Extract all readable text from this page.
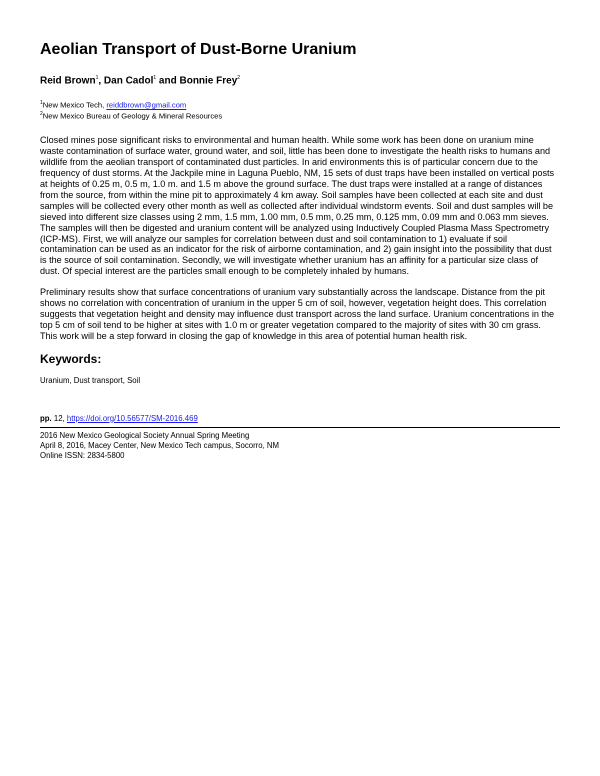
Aeolian Transport of Dust-Borne Uranium
Reid Brown$^1$, Dan Cadol$^1$ and Bonnie Frey$^2$
$^1$New Mexico Tech, reiddbrown@gmail.com
$^2$New Mexico Bureau of Geology & Mineral Resources

Closed mines pose significant risks to environmental and human health. While some work has been done on uranium mine waste contamination of surface water, ground water, and soil, little has been done to investigate the health risks to humans and wildlife from the aeolian transport of contaminated dust particles. In arid environments this is of particular concern due to the frequency of dust storms. At the Jackpile mine in Laguna Pueblo, NM, 15 sets of dust traps have been installed on vertical posts at heights of 0.25 m, 0.5 m, 1.0 m. and 1.5 m above the ground surface. The dust traps were installed at a range of distances from the source, from within the mine pit to approximately 4 km away. Soil samples have been collected at each site and dust samples will be collected every other month as well as collected after individual windstorm events. Soil and dust samples will be sieved into different size classes using 2 mm, 1.5 mm, 1.00 mm, 0.5 mm, 0.25 mm, 0.125 mm, 0.09 mm and 0.063 mm sieves. The samples will then be digested and uranium content will be analyzed using Inductively Coupled Plasma Mass Spectrometry (ICP-MS). First, we will analyze our samples for correlation between dust and soil contamination to 1) evaluate if soil contamination can be used as an indicator for the risk of airborne contamination, and 2) gain insight into the possibility that dust is the source of soil contamination. Secondly, we will investigate whether uranium has an affinity for a particular size class of dust. Of special interest are the particles small enough to be completely inhaled by humans.

Preliminary results show that surface concentrations of uranium vary substantially across the landscape. Distance from the pit shows no correlation with concentration of uranium in the upper 5 cm of soil, however, vegetation height does. This correlation suggests that vegetation height and density may influence dust transport across the land surface. Uranium concentrations in the top 5 cm of soil tend to be higher at sites with 1.0 m or greater vegetation compared to the majority of sites with 30 cm grass. This work will be a step forward in closing the gap of knowledge in this area of potential human health risk.

Keywords:
Uranium, Dust transport, Soil
pp. 12, https://doi.org/10.56577/SM-2016.469
2016 New Mexico Geological Society Annual Spring Meeting
April 8, 2016, Macey Center, New Mexico Tech campus, Socorro, NM
Online ISSN: 2834-5800
